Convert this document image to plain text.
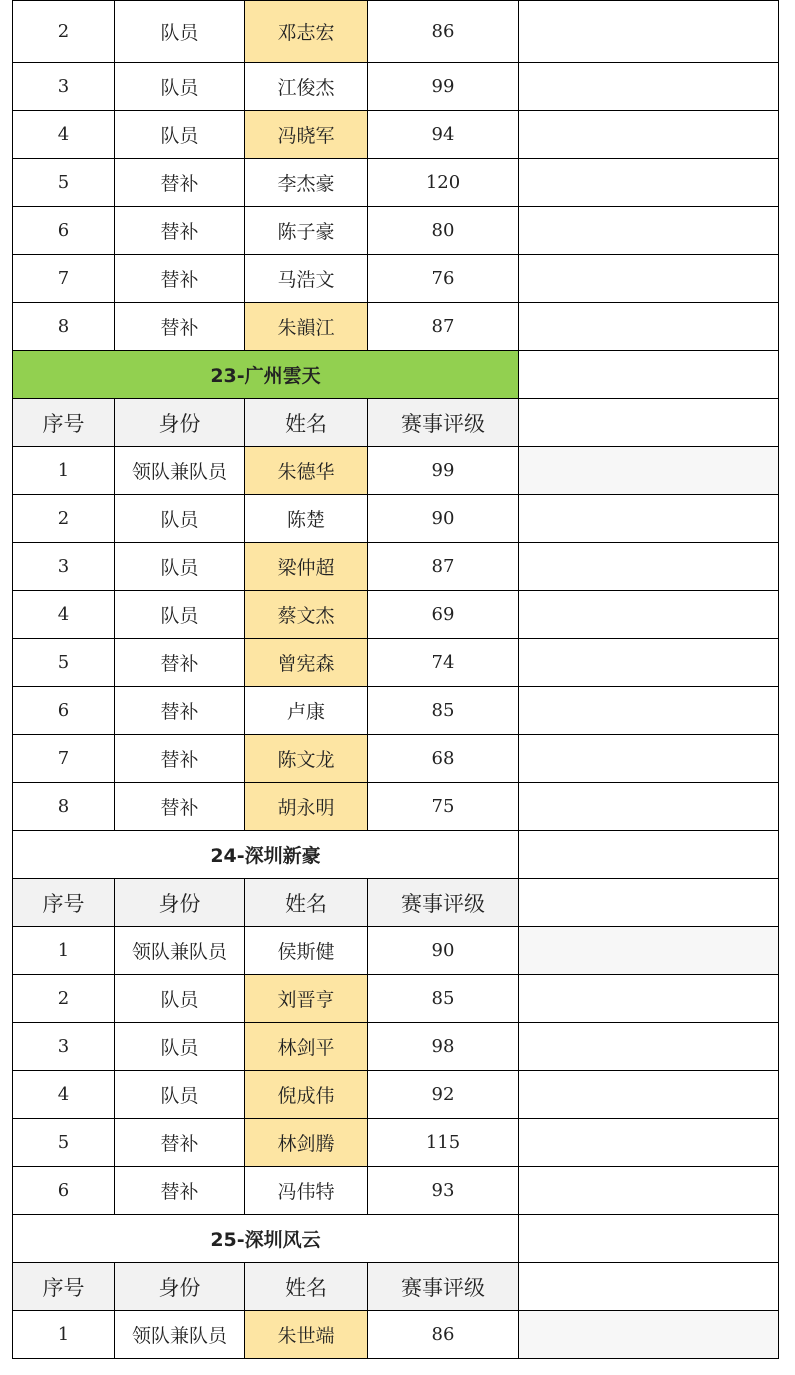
2	队员	邓志宏	86
3	队员	江俊杰	99
4	队员	冯晓军	94
5	替补	李杰豪	120
6	替补	陈子豪	80
7	替补	马浩文	76
8	替补	朱韻江	87
23-广州雲天
序号	身份	姓名	赛事评级
1	领队兼队员	朱德华	99
2	队员	陈楚	90
3	队员	梁仲超	87
4	队员	蔡文杰	69
5	替补	曾宪森	74
6	替补	卢康	85
7	替补	陈文龙	68
8	替补	胡永明	75
24-深圳新豪
序号	身份	姓名	赛事评级
1	领队兼队员	侯斯健	90
2	队员	刘晋亨	85
3	队员	林剑平	98
4	队员	倪成伟	92
5	替补	林剑腾	115
6	替补	冯伟特	93
25-深圳风云
序号	身份	姓名	赛事评级
1	领队兼队员	朱世端	86
